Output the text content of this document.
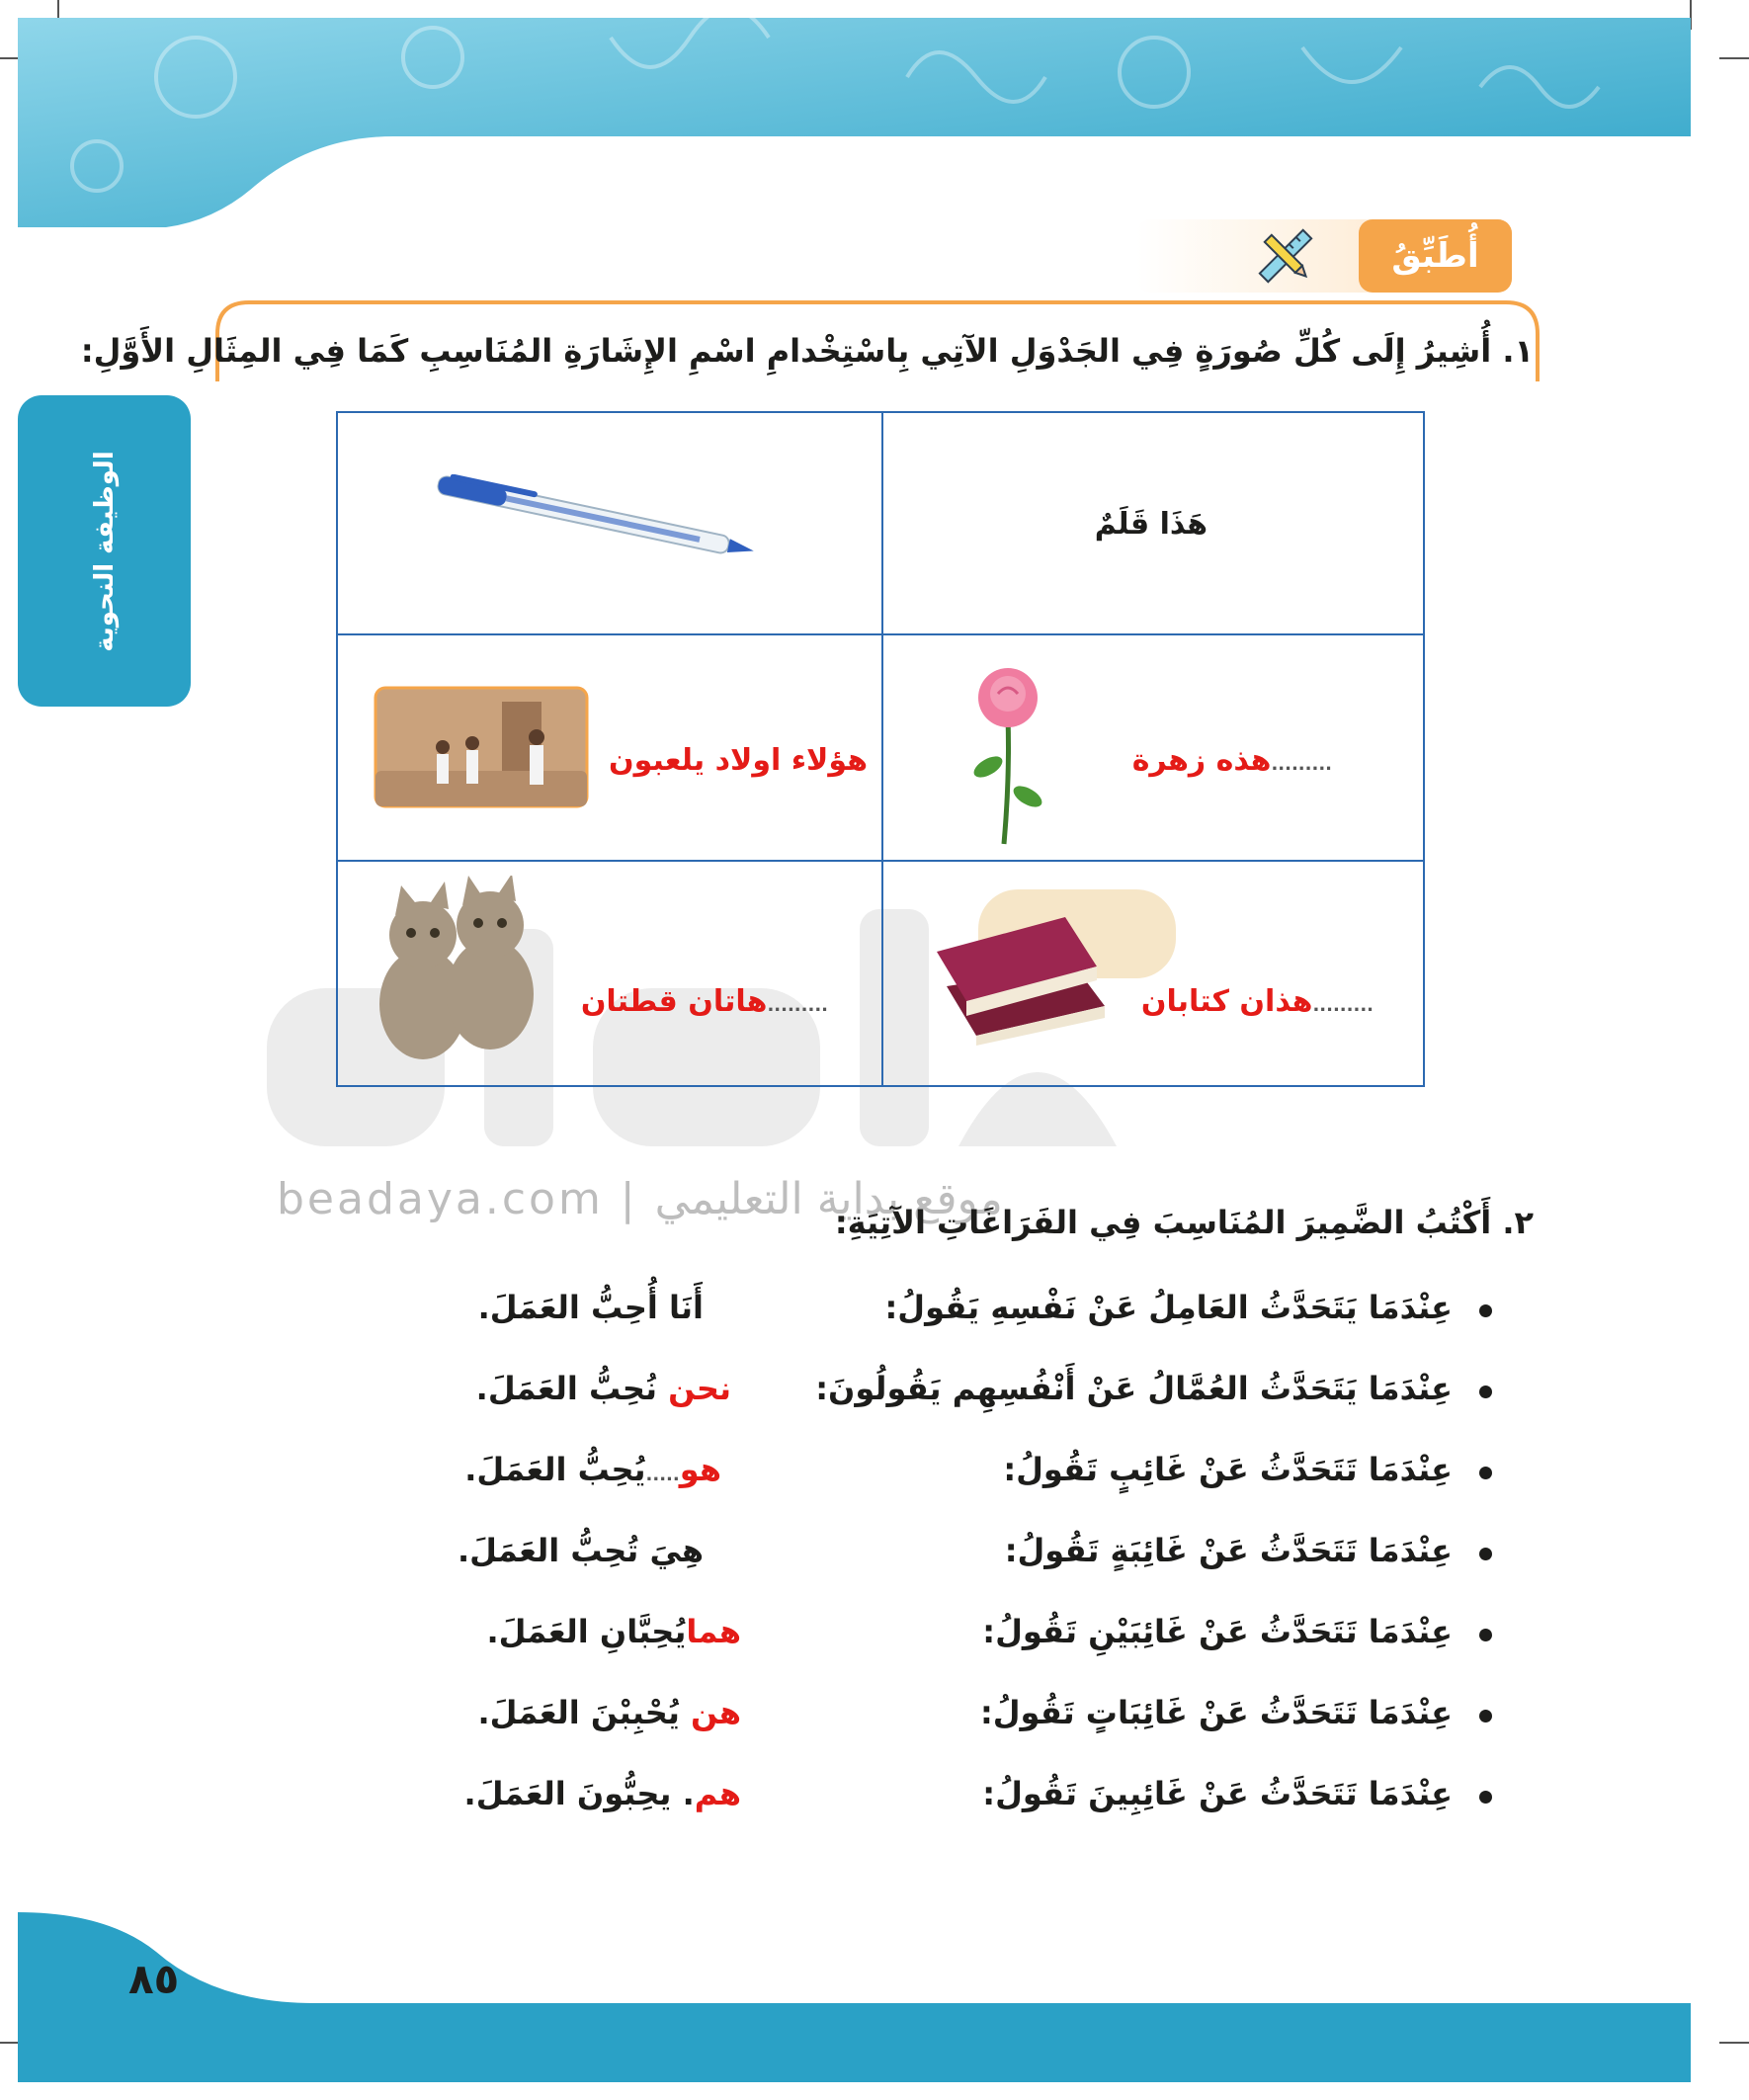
أُطَبِّقُ
الوظيفة النحوية
١. أُشِيرُ إِلَى كُلِّ صُورَةٍ فِي الجَدْوَلِ الآتِي بِاسْتِخْدامِ اسْمِ الإِشَارَةِ المُنَاسِبِ كَمَا فِي المِثَالِ الأَوَّلِ:
هَذَا قَلَمٌ
هؤلاء اولاد يلعبون	.........هذه زهرة
.........هاتان قطتان	.........هذان كتابان
beadaya.com | موقع بداية التعليمي
٢. أَكْتُبُ الضَّمِيرَ المُنَاسِبَ فِي الفَرَاغَاتِ الآتِيَةِ:
عِنْدَمَا يَتَحَدَّثُ العَامِلُ عَنْ نَفْسِهِ يَقُولُ:
أَنَا أُحِبُّ العَمَلَ.
عِنْدَمَا يَتَحَدَّثُ العُمَّالُ عَنْ أَنْفُسِهِم يَقُولُونَ:
نحن نُحِبُّ العَمَلَ.
عِنْدَمَا تَتَحَدَّثُ عَنْ غَائِبٍ تَقُولُ:
هو.....يُحِبُّ العَمَلَ.
عِنْدَمَا تَتَحَدَّثُ عَنْ غَائِبَةٍ تَقُولُ:
هِيَ تُحِبُّ العَمَلَ.
عِنْدَمَا تَتَحَدَّثُ عَنْ غَائِبَيْنِ تَقُولُ:
همايُحِبَّانِ العَمَلَ.
عِنْدَمَا تَتَحَدَّثُ عَنْ غَائِبَاتٍ تَقُولُ:
هن يُحْبِبْنَ العَمَلَ.
عِنْدَمَا تَتَحَدَّثُ عَنْ غَائِبِينَ تَقُولُ:
هم. يحِبُّونَ العَمَلَ.
٨٥
